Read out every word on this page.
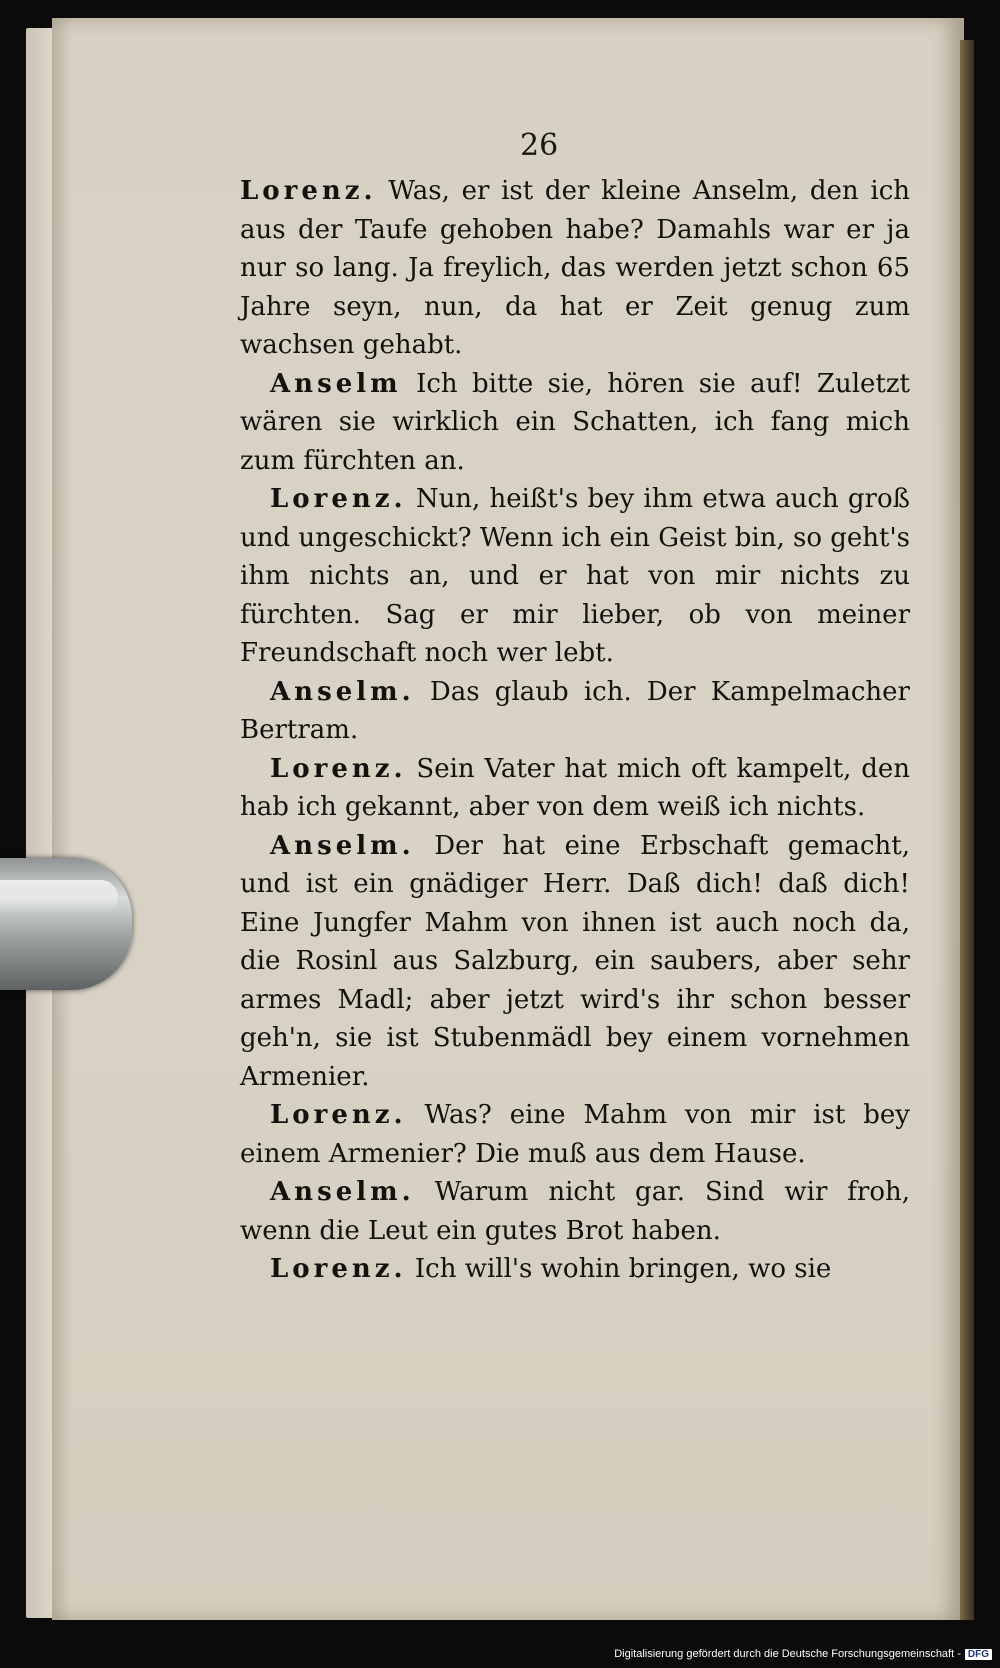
26

Lorenz. Was, er ist der kleine Anselm, den ich aus der Taufe gehoben habe? Damahls war er ja nur so lang. Ja freylich, das werden jetzt schon 65 Jahre seyn, nun, da hat er Zeit genug zum wachsen gehabt.

Anselm Ich bitte sie, hören sie auf! Zuletzt wären sie wirklich ein Schatten, ich fang mich zum fürchten an.

Lorenz. Nun, heißt's bey ihm etwa auch groß und ungeschickt? Wenn ich ein Geist bin, so geht's ihm nichts an, und er hat von mir nichts zu fürchten. Sag er mir lieber, ob von meiner Freundschaft noch wer lebt.

Anselm. Das glaub ich. Der Kampelmacher Bertram.

Lorenz. Sein Vater hat mich oft kampelt, den hab ich gekannt, aber von dem weiß ich nichts.

Anselm. Der hat eine Erbschaft gemacht, und ist ein gnädiger Herr. Daß dich! daß dich! Eine Jungfer Mahm von ihnen ist auch noch da, die Rosinl aus Salzburg, ein saubers, aber sehr armes Madl; aber jetzt wird's ihr schon besser geh'n, sie ist Stubenmädl bey einem vornehmen Armenier.

Lorenz. Was? eine Mahm von mir ist bey einem Armenier? Die muß aus dem Hause.

Anselm. Warum nicht gar. Sind wir froh, wenn die Leut ein gutes Brot haben.

Lorenz. Ich will's wohin bringen, wo sie

Digitalisierung gefördert durch die Deutsche Forschungsgemeinschaft - DFG
